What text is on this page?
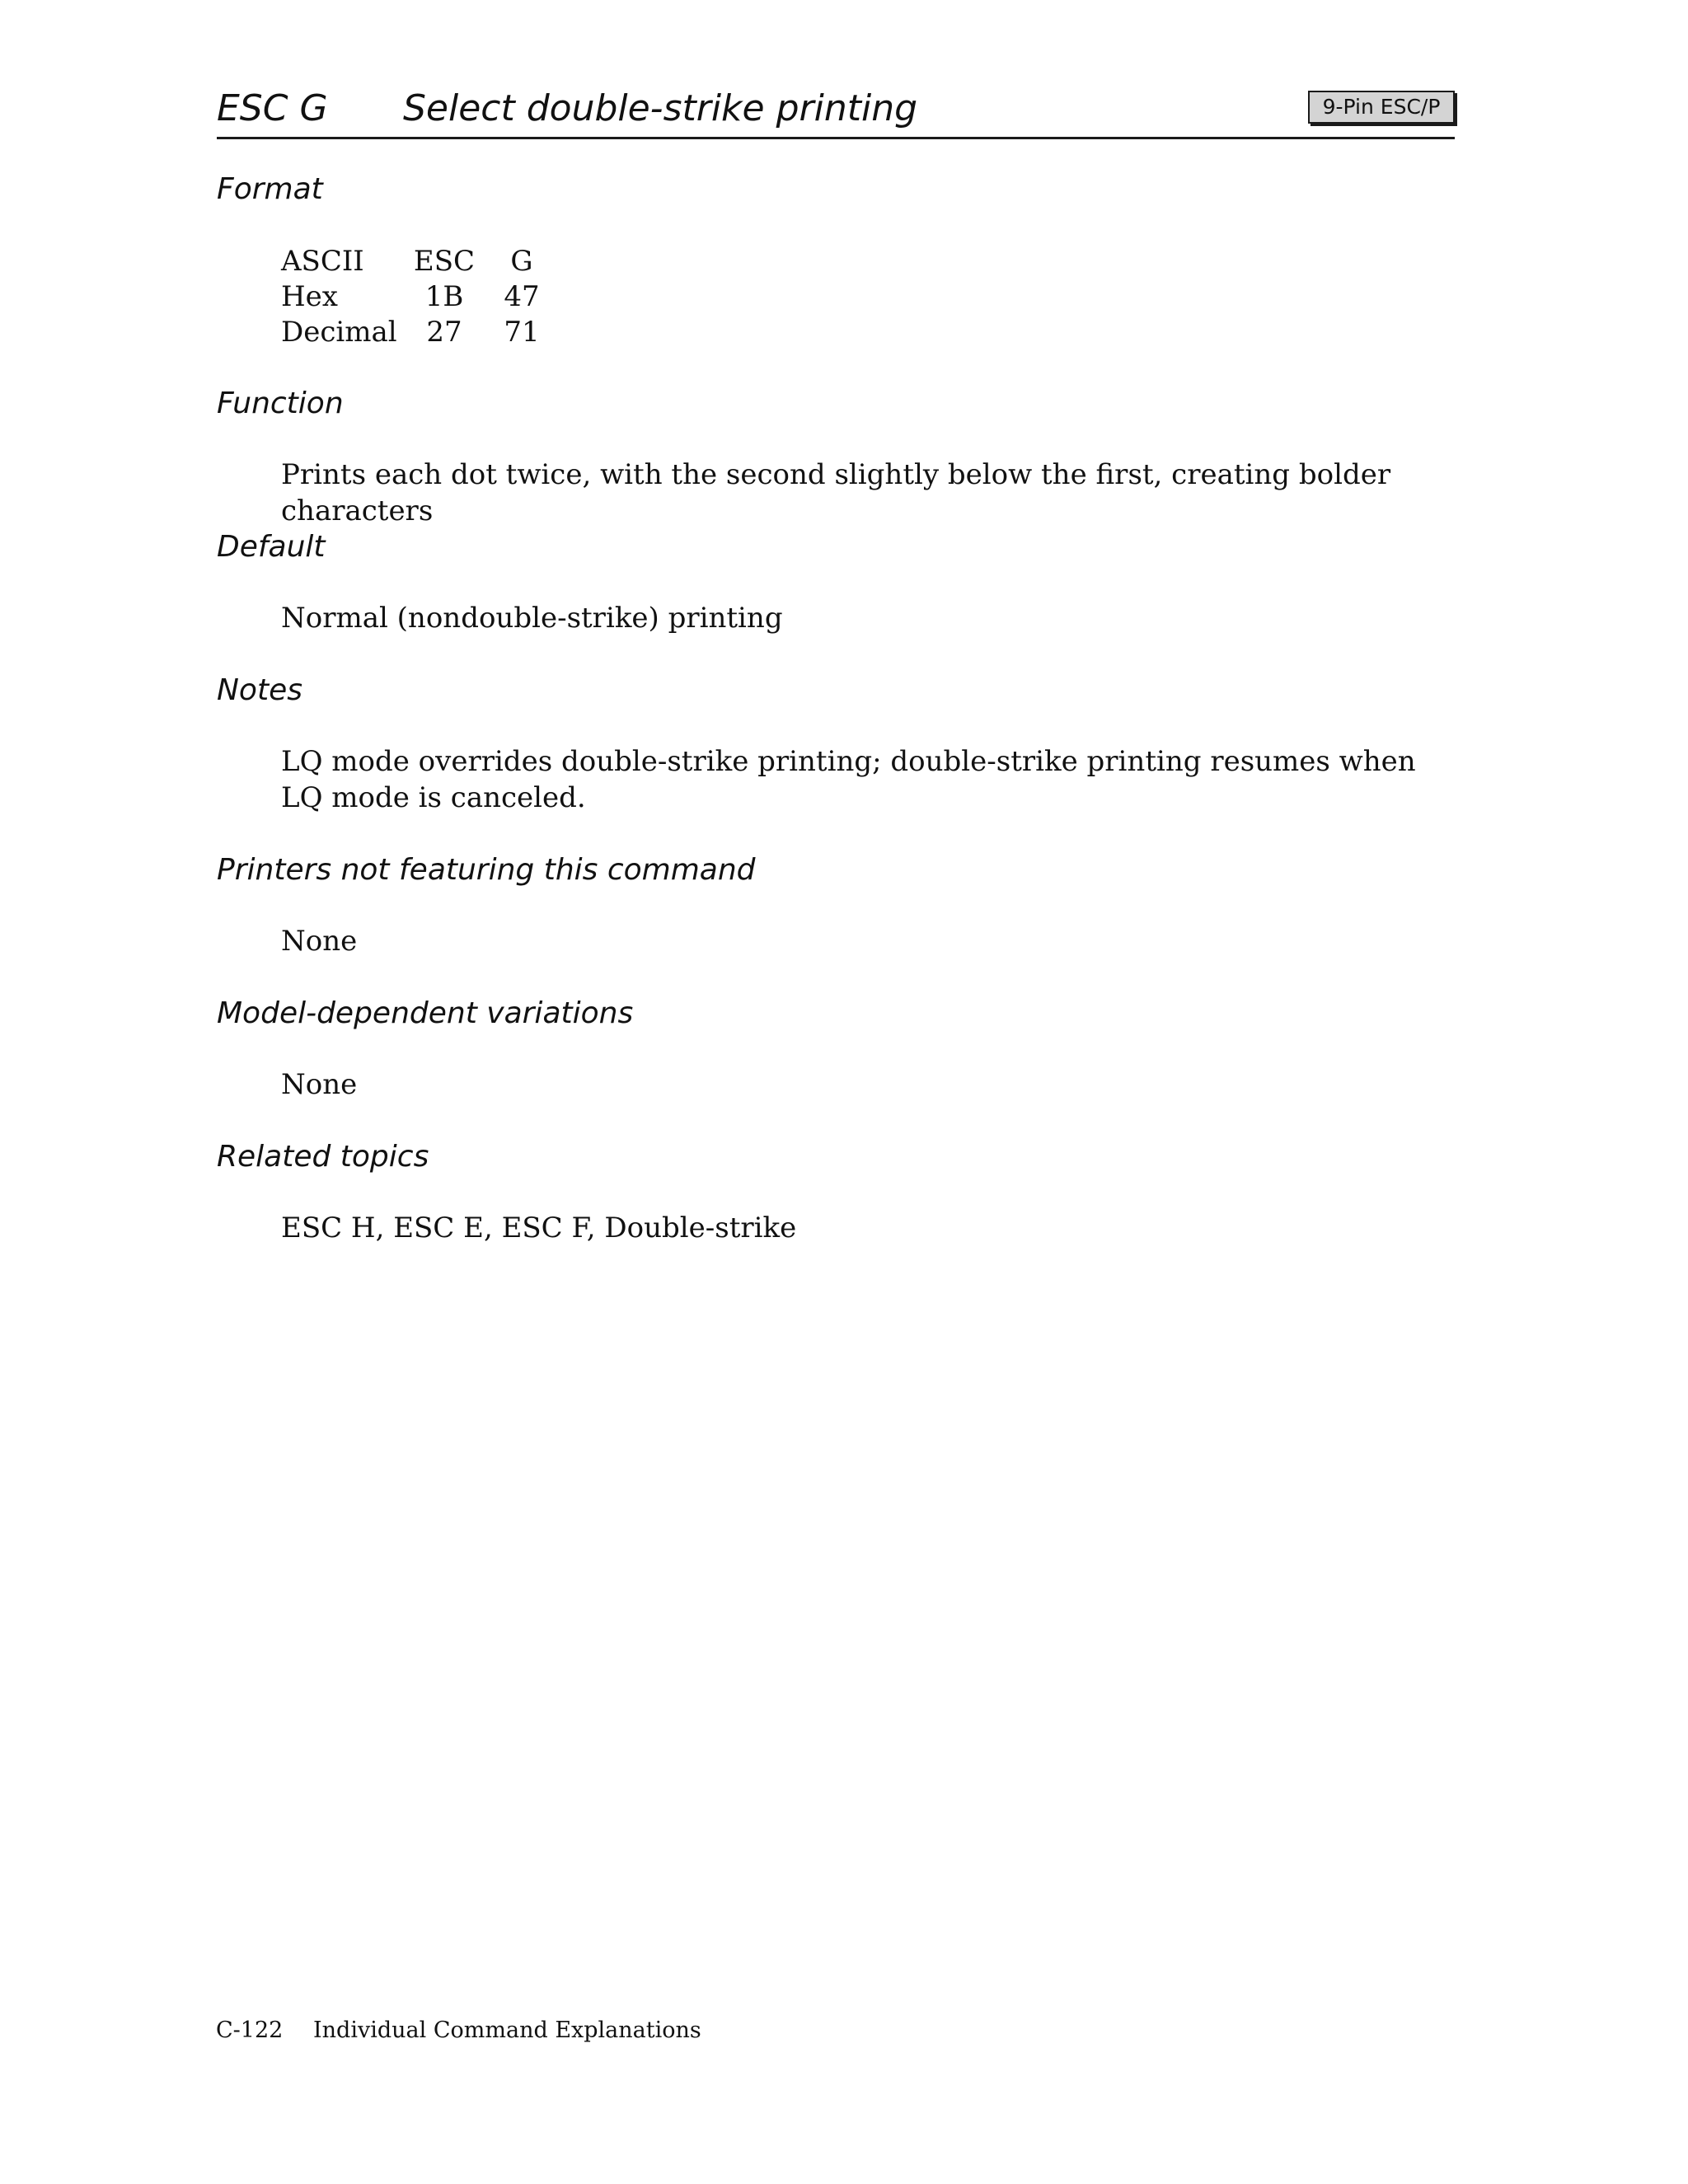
ESC G Select double-strike printing	9-Pin ESC/P
Format
ASCII	ESC	G
Hex	1B	47
Decimal	27	71
Function

Prints each dot twice, with the second slightly below the first, creating bolder characters

Default

Normal (nondouble-strike) printing

Notes

LQ mode overrides double-strike printing; double-strike printing resumes when LQ mode is canceled.

Printers not featuring this command

None

Model-dependent variations

None

Related topics

ESC H, ESC E, ESC F, Double-strike

C-122 Individual Command Explanations
